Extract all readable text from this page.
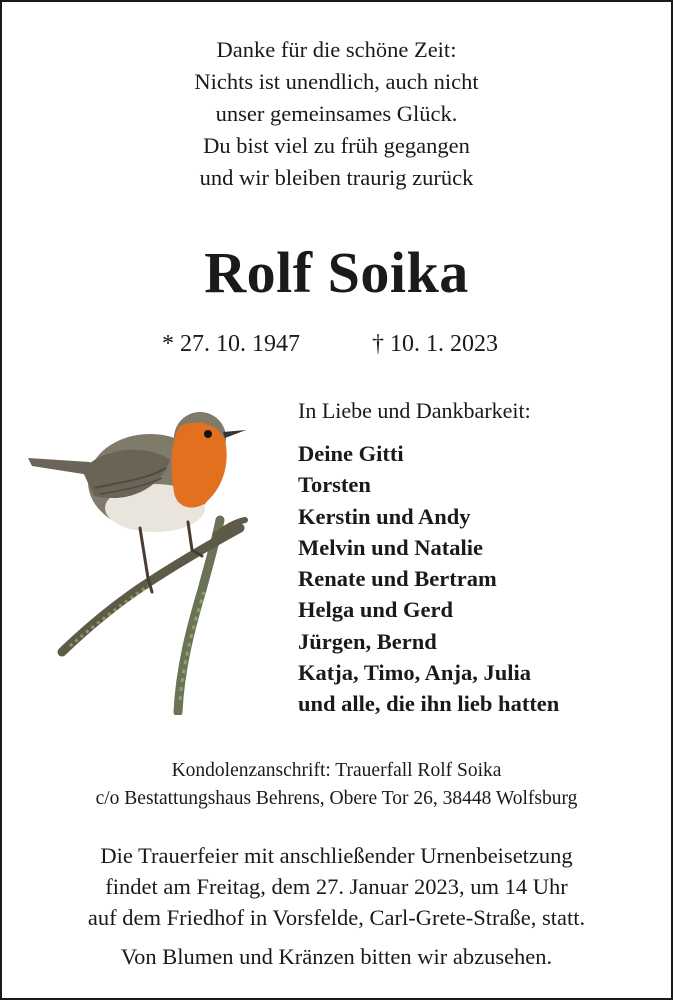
Danke für die schöne Zeit:
Nichts ist unendlich, auch nicht
unser gemeinsames Glück.
Du bist viel zu früh gegangen
und wir bleiben traurig zurück
Rolf Soika
* 27. 10. 1947	† 10. 1. 2023
In Liebe und Dankbarkeit:
Deine Gitti
Torsten
Kerstin und Andy
Melvin und Natalie
Renate und Bertram
Helga und Gerd
Jürgen, Bernd
Katja, Timo, Anja, Julia
und alle, die ihn lieb hatten
Kondolenzanschrift: Trauerfall Rolf Soika
c/o Bestattungshaus Behrens, Obere Tor 26, 38448 Wolfsburg
Die Trauerfeier mit anschließender Urnenbeisetzung
findet am Freitag, dem 27. Januar 2023, um 14 Uhr
auf dem Friedhof in Vorsfelde, Carl-Grete-Straße, statt.
Von Blumen und Kränzen bitten wir abzusehen.
